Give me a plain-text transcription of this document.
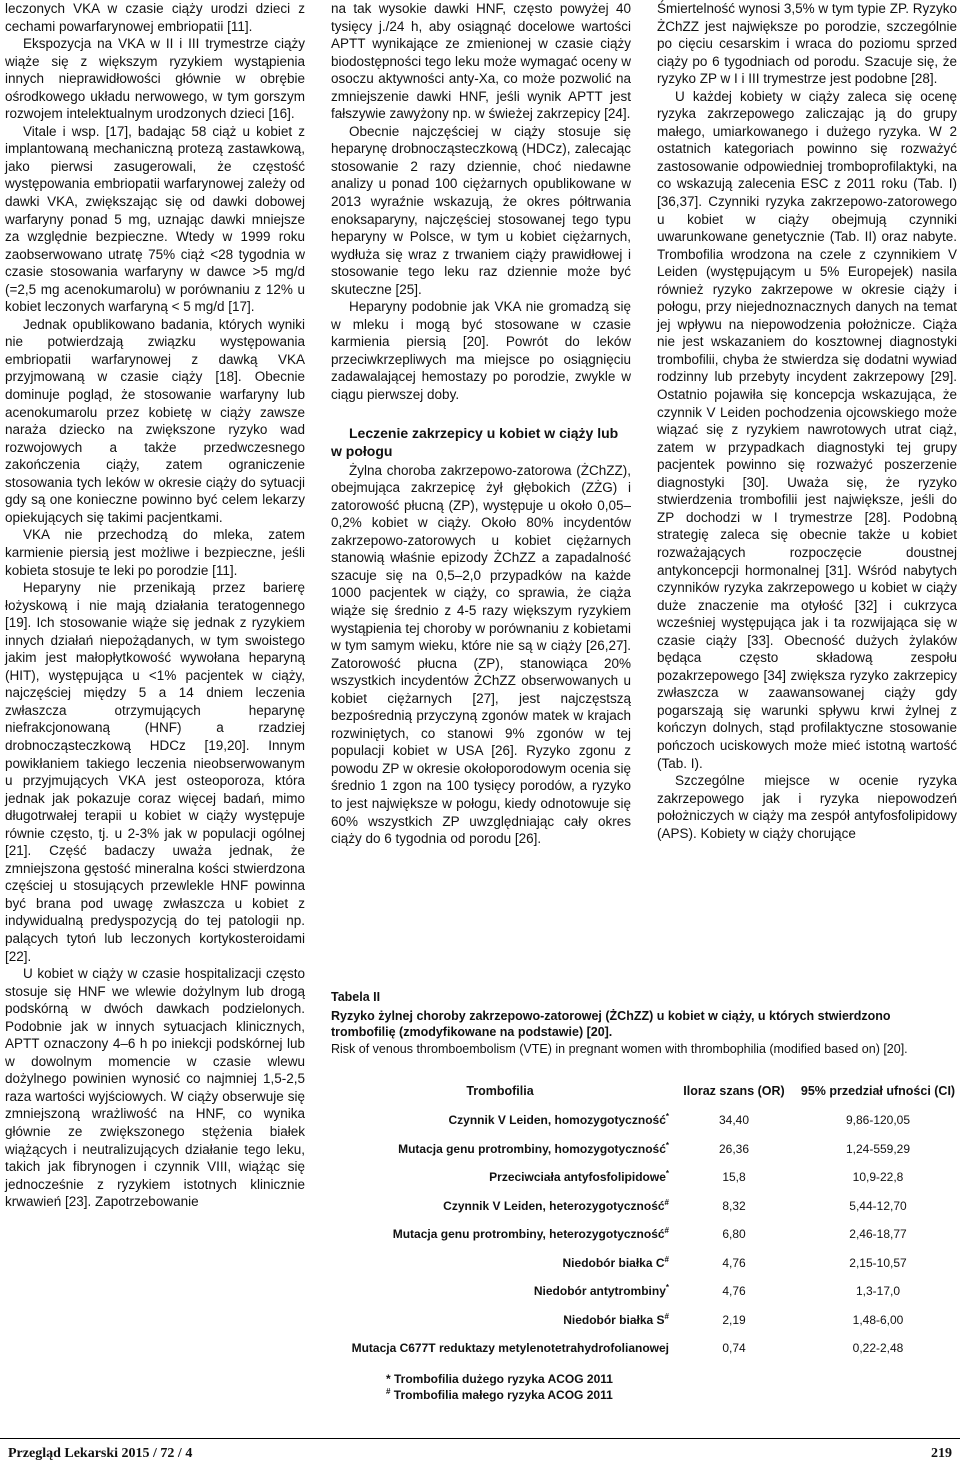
leczonych VKA w czasie ciąży urodzi dzieci z cechami powarfarynowej embriopatii [11].

Ekspozycja na VKA w II i III trymestrze ciąży wiąże się z większym ryzykiem wystąpienia innych nieprawidłowości głównie w obrębie ośrodkowego układu nerwowego, w tym gorszym rozwojem intelektualnym urodzonych dzieci [16].

Vitale i wsp. [17], badając 58 ciąż u kobiet z implantowaną mechaniczną protezą zastawkową, jako pierwsi zasugerowali, że częstość występowania embriopatii warfarynowej zależy od dawki VKA, zwiększając się od dawki dobowej warfaryny ponad 5 mg, uznając dawki mniejsze za względnie bezpieczne. Wtedy w 1999 roku zaobserwowano utratę 75% ciąż <28 tygodnia w czasie stosowania warfaryny w dawce >5 mg/d (=2,5 mg acenokumarolu) w porównaniu z 12% u kobiet leczonych warfaryną < 5 mg/d [17].

Jednak opublikowano badania, których wyniki nie potwierdzają związku występowania embriopatii warfarynowej z dawką VKA przyjmowaną w czasie ciąży [18]. Obecnie dominuje pogląd, że stosowanie warfaryny lub acenokumarolu przez kobietę w ciąży zawsze naraża dziecko na zwiększone ryzyko wad rozwojowych a także przedwczesnego zakończenia ciąży, zatem ograniczenie stosowania tych leków w okresie ciąży do sytuacji gdy są one konieczne powinno być celem lekarzy opiekujących się takimi pacjentkami.

VKA nie przechodzą do mleka, zatem karmienie piersią jest możliwe i bezpieczne, jeśli kobieta stosuje te leki po porodzie [11].

Heparyny nie przenikają przez barierę łożyskową i nie mają działania teratogennego [19]. Ich stosowanie wiąże się jednak z ryzykiem innych działań niepożądanych, w tym swoistego jakim jest małopłytkowość wywołana heparyną (HIT), występująca u <1% pacjentek w ciąży, najczęściej między 5 a 14 dniem leczenia zwłaszcza otrzymujących heparynę niefrakcjonowaną (HNF) a rzadziej drobnocząsteczkową HDCz [19,20]. Innym powikłaniem takiego leczenia nieobserwowanym u przyjmujących VKA jest osteoporoza, która jednak jak pokazuje coraz więcej badań, mimo długotrwałej terapii u kobiet w ciąży występuje równie często, tj. u 2-3% jak w populacji ogólnej [21]. Część badaczy uważa jednak, że zmniejszona gęstość mineralna kości stwierdzona częściej u stosujących przewlekle HNF powinna być brana pod uwagę zwłaszcza u kobiet z indywidualną predyspozycją do tej patologii np. palących tytoń lub leczonych kortykosteroidami [22].

U kobiet w ciąży w czasie hospitalizacji często stosuje się HNF we wlewie dożylnym lub drogą podskórną w dwóch dawkach podzielonych. Podobnie jak w innych sytuacjach klinicznych, APTT oznaczony 4–6 h po iniekcji podskórnej lub w dowolnym momencie w czasie wlewu dożylnego powinien wynosić co najmniej 1,5-2,5 raza wartości wyjściowych. W ciąży obserwuje się zmniejszoną wrażliwość na HNF, co wynika głównie ze zwiększonego stężenia białek wiążących i neutralizujących działanie tego leku, takich jak fibrynogen i czynnik VIII, wiążąc się jednocześnie z ryzykiem istotnych klinicznie krwawień [23]. Zapotrzebowanie

na tak wysokie dawki HNF, często powyżej 40 tysięcy j./24 h, aby osiągnąć docelowe wartości APTT wynikające ze zmienionej w czasie ciąży biodostępności tego leku może wymagać oceny w osoczu aktywności anty-Xa, co może pozwolić na zmniejszenie dawki HNF, jeśli wynik APTT jest fałszywie zawyżony np. w świeżej zakrzepicy [24].

Obecnie najczęściej w ciąży stosuje się heparynę drobnocząsteczkową (HDCz), zalecając stosowanie 2 razy dziennie, choć niedawne analizy u ponad 100 ciężarnych opublikowane w 2013 wyraźnie wskazują, że okres półtrwania enoksaparyny, najczęściej stosowanej tego typu heparyny w Polsce, w tym u kobiet ciężarnych, wydłuża się wraz z trwaniem ciąży prawidłowej i stosowanie tego leku raz dziennie może być skuteczne [25].

Heparyny podobnie jak VKA nie gromadzą się w mleku i mogą być stosowane w czasie karmienia piersią [20]. Powrót do leków przeciwkrzepliwych ma miejsce po osiągnięciu zadawalającej hemostazy po porodzie, zwykle w ciągu pierwszej doby.

Leczenie zakrzepicy u kobiet w ciąży lub w połogu

Żylna choroba zakrzepowo-zatorowa (ŻChZZ), obejmująca zakrzepicę żył głębokich (ZŻG) i zatorowość płucną (ZP), występuje u około 0,05–0,2% kobiet w ciąży. Około 80% incydentów zakrzepowo-zatorowych u kobiet ciężarnych stanowią właśnie epizody ŻChZZ a zapadalność szacuje się na 0,5–2,0 przypadków na każde 1000 pacjentek w ciąży, co sprawia, że ciąża wiąże się średnio z 4-5 razy większym ryzykiem wystąpienia tej choroby w porównaniu z kobietami w tym samym wieku, które nie są w ciąży [26,27]. Zatorowość płucna (ZP), stanowiąca 20% wszystkich incydentów ŻChZZ obserwowanych u kobiet ciężarnych [27], jest najczęstszą bezpośrednią przyczyną zgonów matek w krajach rozwiniętych, co stanowi 9% zgonów w tej populacji kobiet w USA [26]. Ryzyko zgonu z powodu ZP w okresie okołoporodowym ocenia się średnio 1 zgon na 100 tysięcy porodów, a ryzyko to jest największe w połogu, kiedy odnotowuje się 60% wszystkich ZP uwzględniając cały okres ciąży do 6 tygodnia od porodu [26].

Śmiertelność wynosi 3,5% w tym typie ZP. Ryzyko ŻChZZ jest największe po porodzie, szczególnie po cięciu cesarskim i wraca do poziomu sprzed ciąży po 6 tygodniach od porodu. Szacuje się, że ryzyko ZP w I i III trymestrze jest podobne [28].

U każdej kobiety w ciąży zaleca się ocenę ryzyka zakrzepowego zaliczając ją do grupy małego, umiarkowanego i dużego ryzyka. W 2 ostatnich kategoriach powinno się rozważyć zastosowanie odpowiedniej tromboprofilaktyki, na co wskazują zalecenia ESC z 2011 roku (Tab. I) [36,37]. Czynniki ryzyka zakrzepowo-zatorowego u kobiet w ciąży obejmują czynniki uwarunkowane genetycznie (Tab. II) oraz nabyte. Trombofilia wrodzona na czele z czynnikiem V Leiden (występującym u 5% Europejek) nasila również ryzyko zakrzepowe w okresie ciąży i połogu, przy niejednoznacznych danych na temat jej wpływu na niepowodzenia położnicze. Ciąża nie jest wskazaniem do kosztownej diagnostyki trombofilii, chyba że stwierdza się dodatni wywiad rodzinny lub przebyty incydent zakrzepowy [29]. Ostatnio pojawiła się koncepcja wskazująca, że czynnik V Leiden pochodzenia ojcowskiego może wiązać się z ryzykiem nawrotowych utrat ciąż, zatem w przypadkach diagnostyki tej grupy pacjentek powinno się rozważyć poszerzenie diagnostyki [30]. Uważa się, że ryzyko stwierdzenia trombofilii jest największe, jeśli do ZP dochodzi w I trymestrze [28]. Podobną strategię zaleca się obecnie także u kobiet rozważających rozpoczęcie doustnej antykoncepcji hormonalnej [31]. Wśród nabytych czynników ryzyka zakrzepowego u kobiet w ciąży duże znaczenie ma otyłość [32] i cukrzyca wcześniej występująca jak i ta rozwijająca się w czasie ciąży [33]. Obecność dużych żylaków będąca często składową zespołu pozakrzepowego [34] zwiększa ryzyko zakrzepicy zwłaszcza w zaawansowanej ciąży gdy pogarszają się warunki spływu krwi żylnej z kończyn dolnych, stąd profilaktyczne stosowanie pończoch uciskowych może mieć istotną wartość (Tab. I).

Szczególne miejsce w ocenie ryzyka zakrzepowego jak i ryzyka niepowodzeń położniczych w ciąży ma zespół antyfosfolipidowy (APS). Kobiety w ciąży chorujące

Tabela II
Ryzyko żylnej choroby zakrzepowo-zatorowej (ŻChZZ) u kobiet w ciąży, u których stwierdzono trombofilię (zmodyfikowane na podstawie) [20].
Risk of venous thromboembolism (VTE) in pregnant women with thrombophilia (modified based on) [20].
Trombofilia	Iloraz szans (OR)	95% przedział ufności (CI)
Czynnik V Leiden, homozygotyczność*	34,40	9,86-120,05
Mutacja genu protrombiny, homozygotyczność*	26,36	1,24-559,29
Przeciwciała antyfosfolipidowe*	15,8	10,9-22,8
Czynnik V Leiden, heterozygotyczność#	8,32	5,44-12,70
Mutacja genu protrombiny, heterozygotyczność#	6,80	2,46-18,77
Niedobór białka C#	4,76	2,15-10,57
Niedobór antytrombiny*	4,76	1,3-17,0
Niedobór białka S#	2,19	1,48-6,00
Mutacja C677T reduktazy metylenotetrahydrofolianowej	0,74	0,22-2,48
* Trombofilia dużego ryzyka ACOG 2011
# Trombofilia małego ryzyka ACOG 2011
Przegląd Lekarski 2015 / 72 / 4	219
